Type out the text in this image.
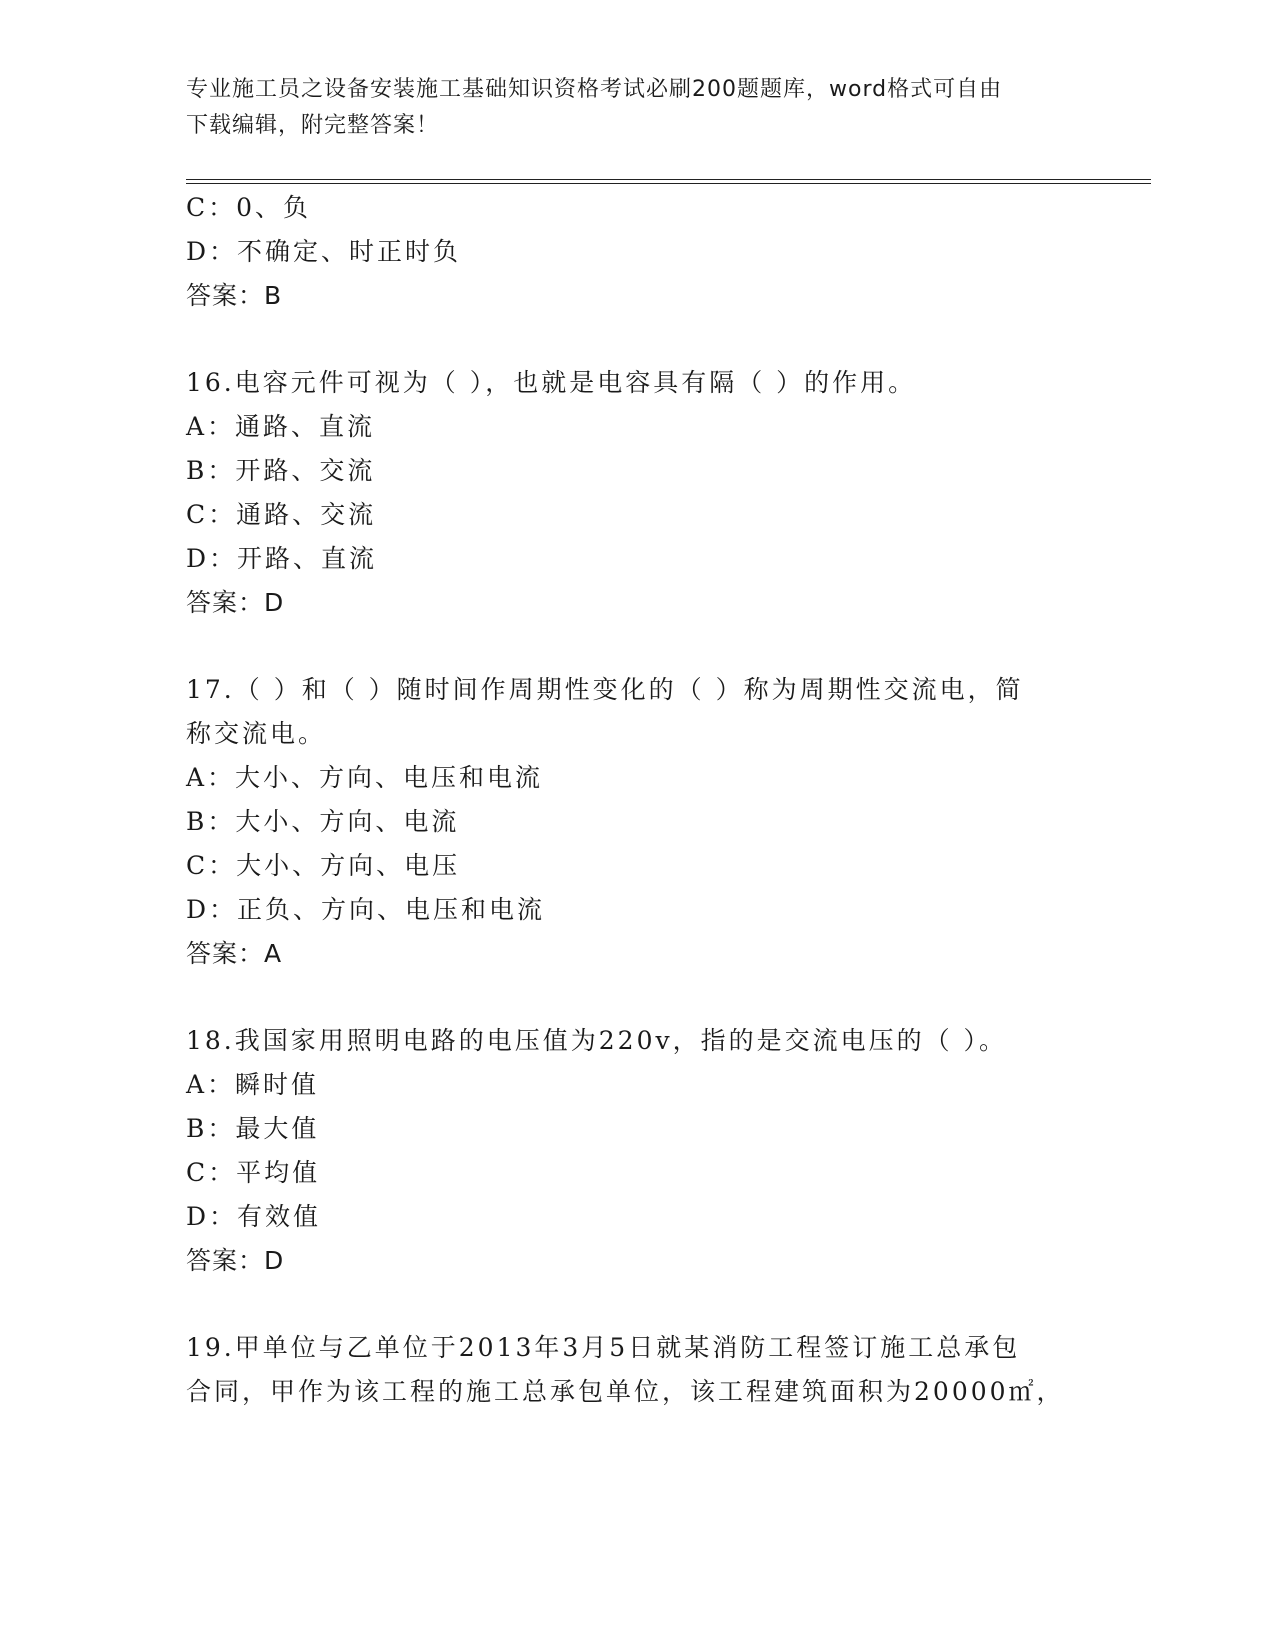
专业施工员之设备安装施工基础知识资格考试必刷200题题库，word格式可自由
下载编辑，附完整答案！
C：0、负
D：不确定、时正时负
答案：B
16.电容元件可视为（ ），也就是电容具有隔（ ）的作用。
A：通路、直流
B：开路、交流
C：通路、交流
D：开路、直流
答案：D
17.（ ）和（ ）随时间作周期性变化的（ ）称为周期性交流电，简
称交流电。
A：大小、方向、电压和电流
B：大小、方向、电流
C：大小、方向、电压
D：正负、方向、电压和电流
答案：A
18.我国家用照明电路的电压值为220v，指的是交流电压的（ ）。
A：瞬时值
B：最大值
C：平均值
D：有效值
答案：D
19.甲单位与乙单位于2013年3月5日就某消防工程签订施工总承包
合同，甲作为该工程的施工总承包单位，该工程建筑面积为20000㎡，
